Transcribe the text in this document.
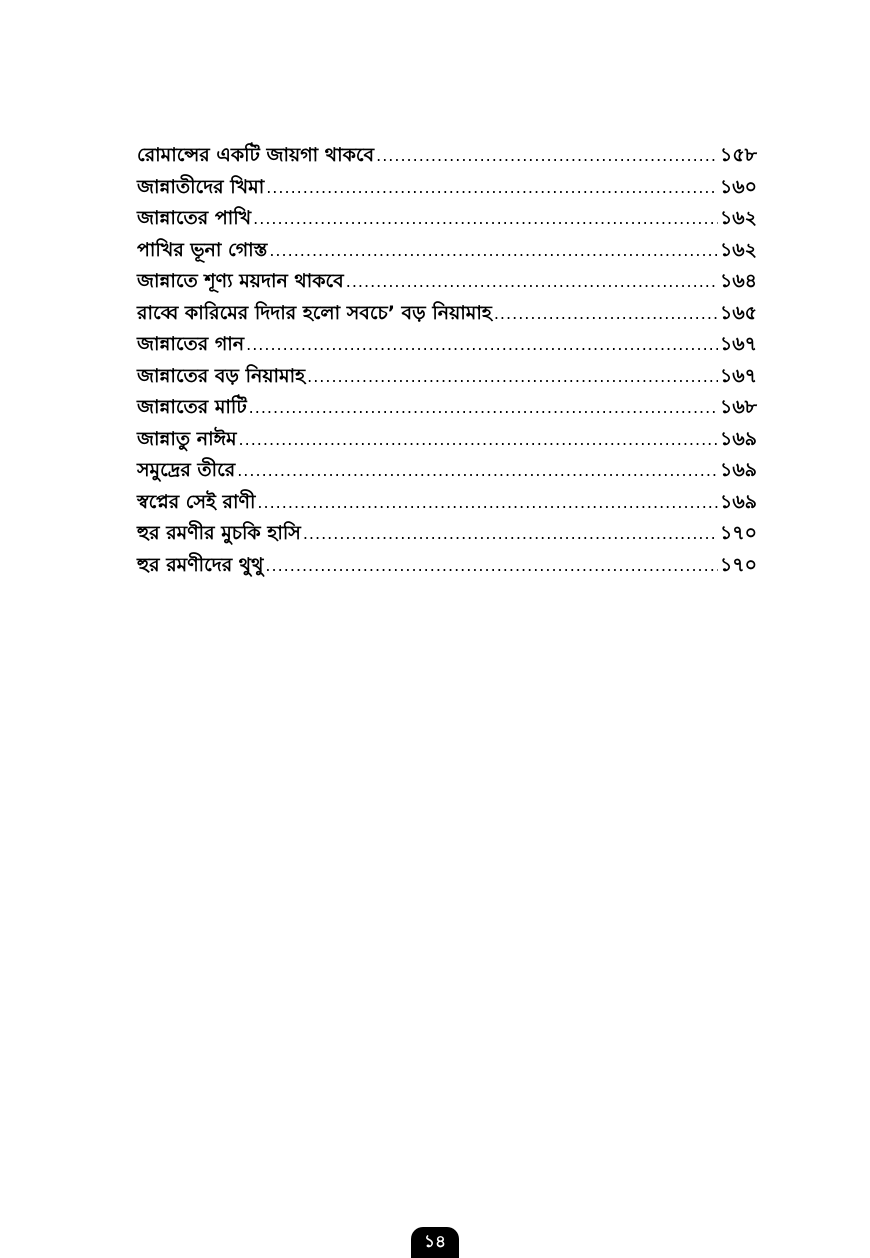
রোমান্সের একটি জায়গা থাকবে .....	১৫৮
জান্নাতীদের খিমা .....	১৬০
জান্নাতের পাখি .....	১৬২
পাখির ভূনা গোস্ত .....	১৬২
জান্নাতে শূণ্য ময়দান থাকবে .....	১৬৪
রাব্বে কারিমের দিদার হলো সবচে’ বড় নিয়ামাহ .....	১৬৫
জান্নাতের গান .....	১৬৭
জান্নাতের বড় নিয়ামাহ .....	১৬৭
জান্নাতের মাটি .....	১৬৮
জান্নাতু নাঈম .....	১৬৯
সমুদ্রের তীরে .....	১৬৯
স্বপ্নের সেই রাণী .....	১৬৯
হুর রমণীর মুচকি হাসি .....	১৭০
হুর রমণীদের থুথু .....	১৭০
১৪
